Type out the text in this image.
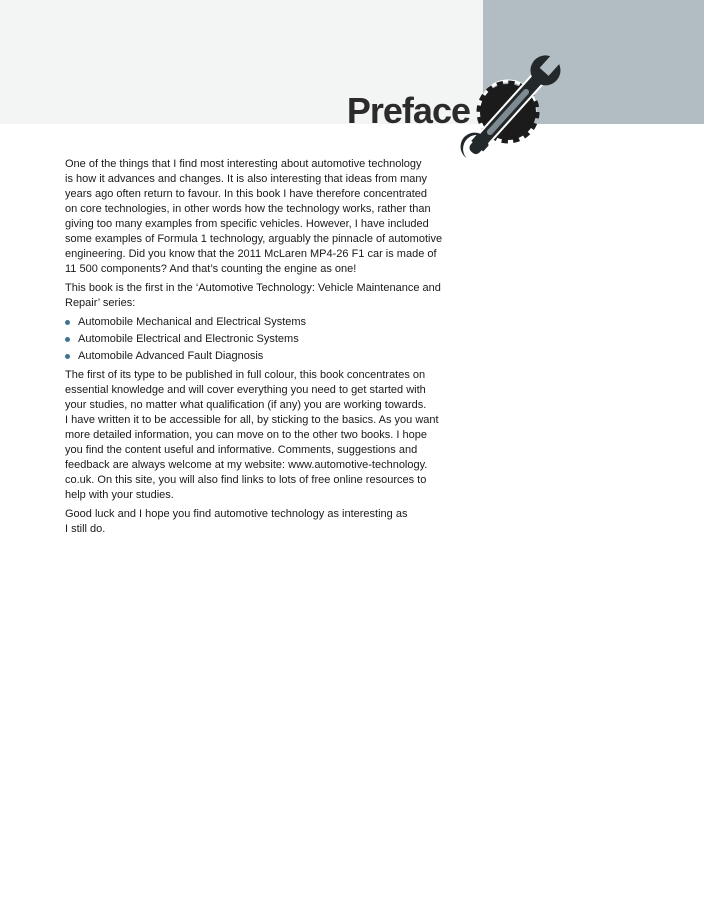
Preface

One of the things that I find most interesting about automotive technology
is how it advances and changes. It is also interesting that ideas from many
years ago often return to favour. In this book I have therefore concentrated
on core technologies, in other words how the technology works, rather than
giving too many examples from specific vehicles. However, I have included
some examples of Formula 1 technology, arguably the pinnacle of automotive
engineering. Did you know that the 2011 McLaren MP4-26 F1 car is made of
11 500 components? And that’s counting the engine as one!

This book is the first in the ‘Automotive Technology: Vehicle Maintenance and
Repair’ series:

Automobile Mechanical and Electrical Systems
Automobile Electrical and Electronic Systems
Automobile Advanced Fault Diagnosis

The first of its type to be published in full colour, this book concentrates on
essential knowledge and will cover everything you need to get started with
your studies, no matter what qualification (if any) you are working towards.
I have written it to be accessible for all, by sticking to the basics. As you want
more detailed information, you can move on to the other two books. I hope
you find the content useful and informative. Comments, suggestions and
feedback are always welcome at my website: www.automotive-technology.
co.uk. On this site, you will also find links to lots of free online resources to
help with your studies.

Good luck and I hope you find automotive technology as interesting as
I still do.
